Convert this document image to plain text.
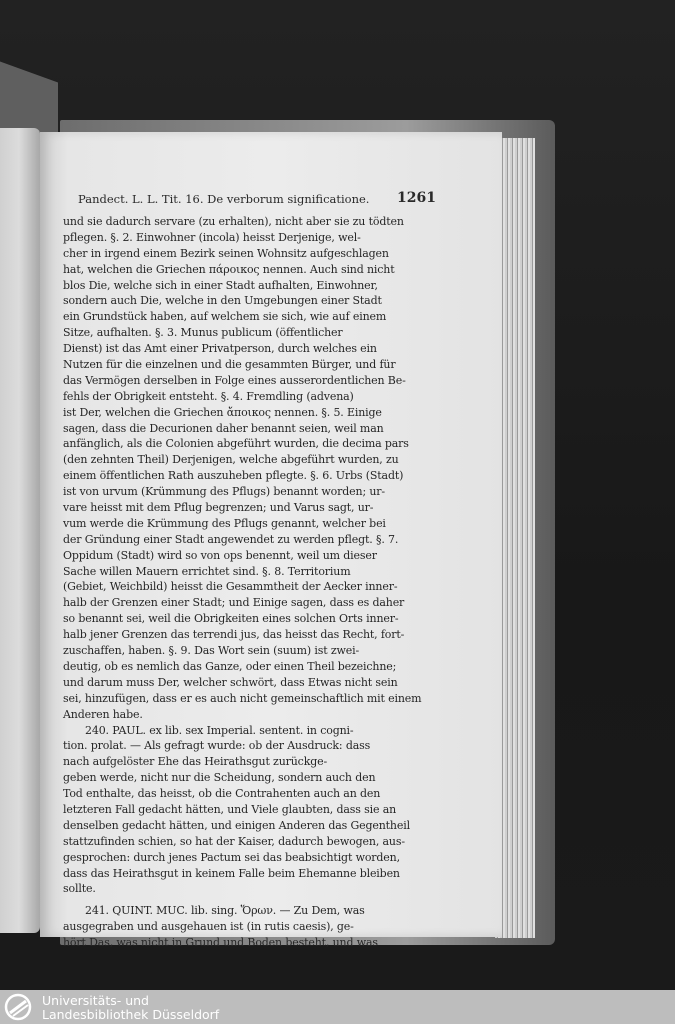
Pandect. L. L. Tit. 16. De verborum significatione. 1261
und sie dadurch servare (zu erhalten), nicht aber sie zu tödten
pflegen. §. 2. Einwohner (incola) heisst Derjenige, wel-
cher in irgend einem Bezirk seinen Wohnsitz aufgeschlagen
hat, welchen die Griechen πάροικος nennen. Auch sind nicht
blos Die, welche sich in einer Stadt aufhalten, Einwohner,
sondern auch Die, welche in den Umgebungen einer Stadt
ein Grundstück haben, auf welchem sie sich, wie auf einem
Sitze, aufhalten. §. 3. Munus publicum (öffentlicher
Dienst) ist das Amt einer Privatperson, durch welches ein
Nutzen für die einzelnen und die gesammten Bürger, und für
das Vermögen derselben in Folge eines ausserordentlichen Be-
fehls der Obrigkeit entsteht. §. 4. Fremdling (advena)
ist Der, welchen die Griechen ἄποικος nennen. §. 5. Einige
sagen, dass die Decurionen daher benannt seien, weil man
anfänglich, als die Colonien abgeführt wurden, die decima pars
(den zehnten Theil) Derjenigen, welche abgeführt wurden, zu
einem öffentlichen Rath auszuheben pflegte. §. 6. Urbs (Stadt)
ist von urvum (Krümmung des Pflugs) benannt worden; ur-
vare heisst mit dem Pflug begrenzen; und Varus sagt, ur-
vum werde die Krümmung des Pflugs genannt, welcher bei
der Gründung einer Stadt angewendet zu werden pflegt. §. 7.
Oppidum (Stadt) wird so von ops benennt, weil um dieser
Sache willen Mauern errichtet sind. §. 8. Territorium
(Gebiet, Weichbild) heisst die Gesammtheit der Aecker inner-
halb der Grenzen einer Stadt; und Einige sagen, dass es daher
so benannt sei, weil die Obrigkeiten eines solchen Orts inner-
halb jener Grenzen das terrendi jus, das heisst das Recht, fort-
zuschaffen, haben. §. 9. Das Wort sein (suum) ist zwei-
deutig, ob es nemlich das Ganze, oder einen Theil bezeichne;
und darum muss Der, welcher schwört, dass Etwas nicht sein
sei, hinzufügen, dass er es auch nicht gemeinschaftlich mit einem
Anderen habe.
240. PAUL. ex lib. sex Imperial. sentent. in cogni-
tion. prolat. — Als gefragt wurde: ob der Ausdruck: dass
nach aufgelöster Ehe das Heirathsgut zurückge-
geben werde, nicht nur die Scheidung, sondern auch den
Tod enthalte, das heisst, ob die Contrahenten auch an den
letzteren Fall gedacht hätten, und Viele glaubten, dass sie an
denselben gedacht hätten, und einigen Anderen das Gegentheil
stattzufinden schien, so hat der Kaiser, dadurch bewogen, aus-
gesprochen: durch jenes Pactum sei das beabsichtigt worden,
dass das Heirathsgut in keinem Falle beim Ehemanne bleiben
sollte.
241. QUINT. MUC. lib. sing. Ὅρων. — Zu Dem, was
ausgegraben und ausgehauen ist (in rutis caesis), ge-
hört Das, was nicht in Grund und Boden besteht, und was
Universitäts- und
Landesbibliothek Düsseldorf
